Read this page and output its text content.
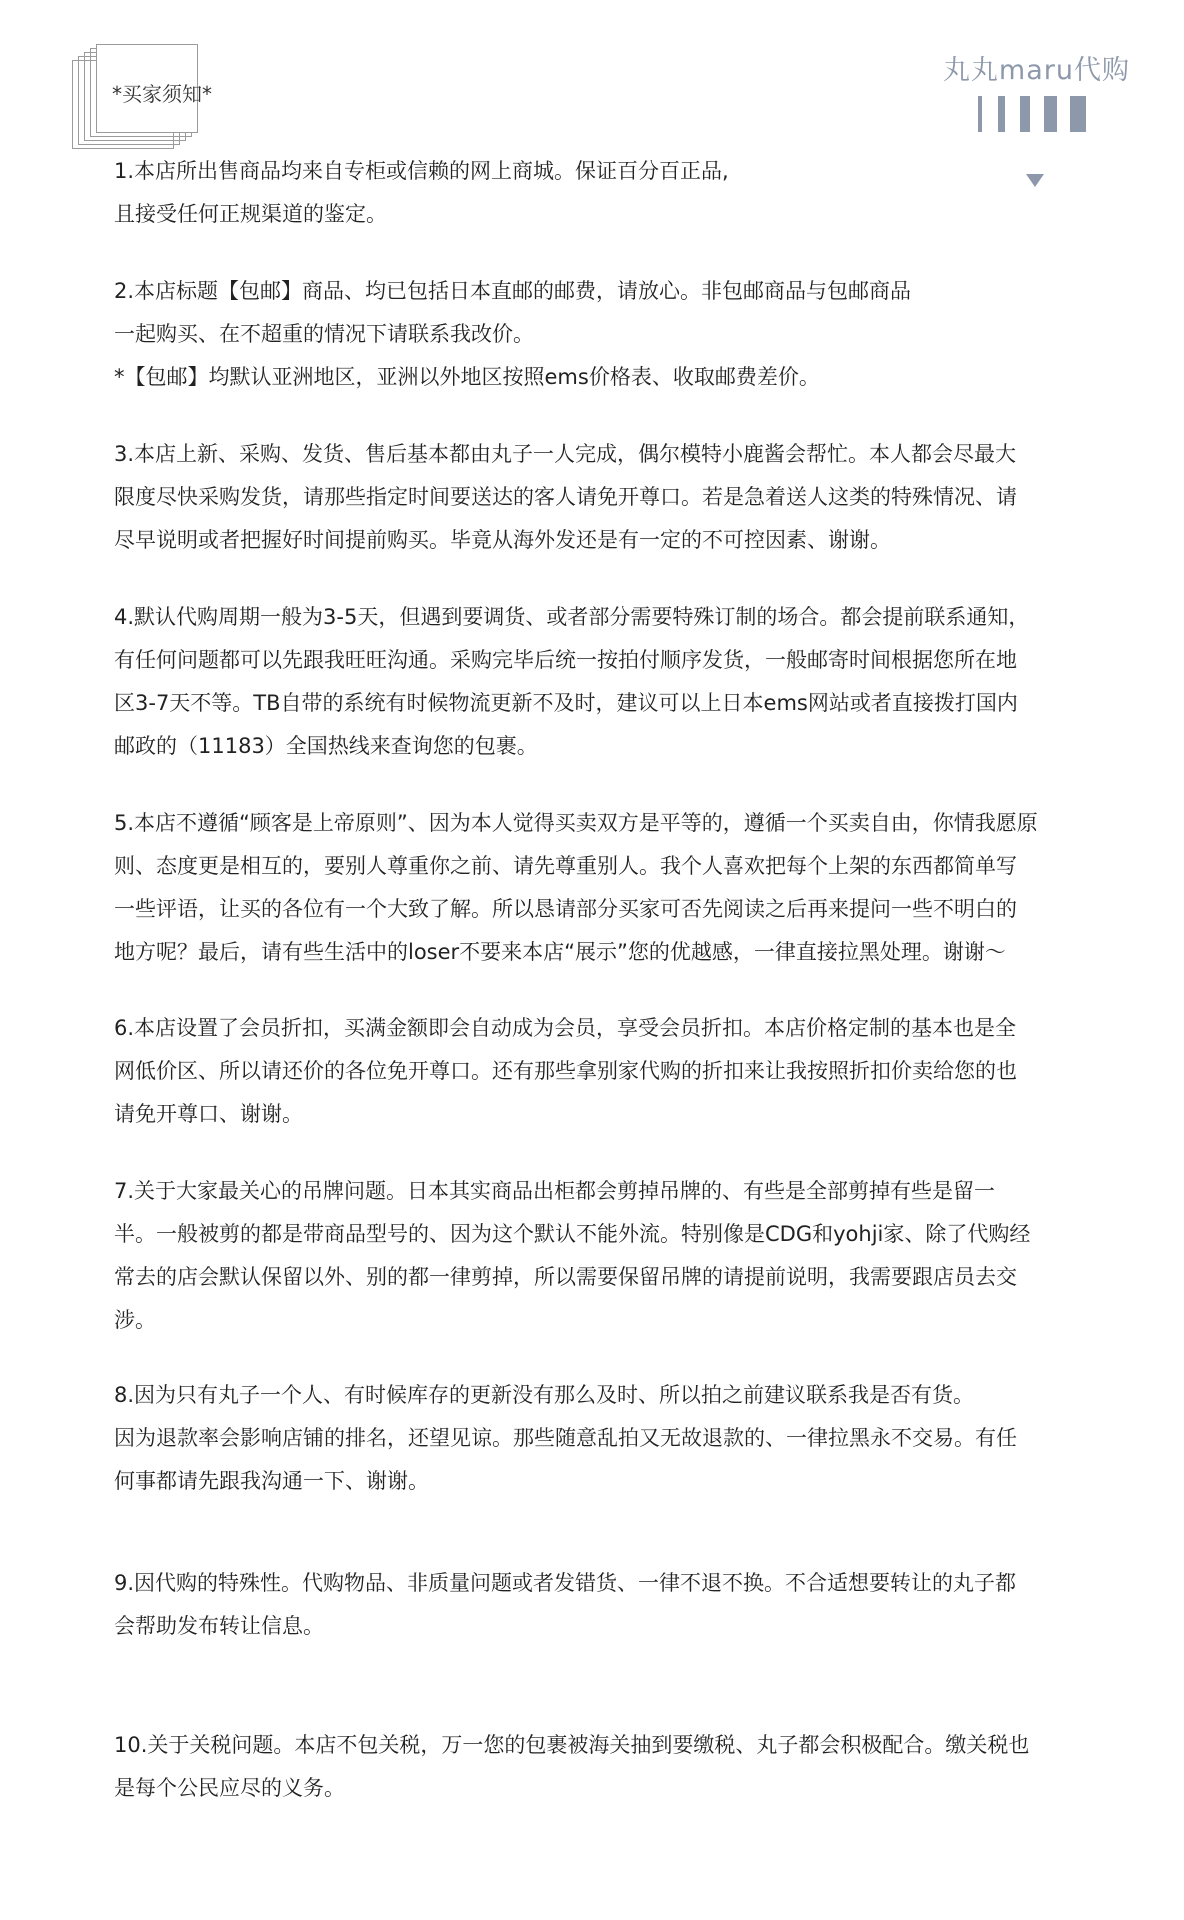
*买家须知*
丸丸maru代购

1.本店所出售商品均来自专柜或信赖的网上商城。保证百分百正品,
且接受任何正规渠道的鉴定。

2.本店标题【包邮】商品、均已包括日本直邮的邮费，请放心。非包邮商品与包邮商品
一起购买、在不超重的情况下请联系我改价。
*【包邮】均默认亚洲地区，亚洲以外地区按照ems价格表、收取邮费差价。

3.本店上新、采购、发货、售后基本都由丸子一人完成，偶尔模特小鹿酱会帮忙。本人都会尽最大
限度尽快采购发货，请那些指定时间要送达的客人请免开尊口。若是急着送人这类的特殊情况、请
尽早说明或者把握好时间提前购买。毕竟从海外发还是有一定的不可控因素、谢谢。

4.默认代购周期一般为3-5天，但遇到要调货、或者部分需要特殊订制的场合。都会提前联系通知，
有任何问题都可以先跟我旺旺沟通。采购完毕后统一按拍付顺序发货，一般邮寄时间根据您所在地
区3-7天不等。TB自带的系统有时候物流更新不及时，建议可以上日本ems网站或者直接拨打国内
邮政的（11183）全国热线来查询您的包裹。

5.本店不遵循“顾客是上帝原则”、因为本人觉得买卖双方是平等的，遵循一个买卖自由，你情我愿原
则、态度更是相互的，要别人尊重你之前、请先尊重别人。我个人喜欢把每个上架的东西都简单写
一些评语，让买的各位有一个大致了解。所以恳请部分买家可否先阅读之后再来提问一些不明白的
地方呢？最后，请有些生活中的loser不要来本店“展示”您的优越感，一律直接拉黑处理。谢谢～

6.本店设置了会员折扣，买满金额即会自动成为会员，享受会员折扣。本店价格定制的基本也是全
网低价区、所以请还价的各位免开尊口。还有那些拿别家代购的折扣来让我按照折扣价卖给您的也
请免开尊口、谢谢。

7.关于大家最关心的吊牌问题。日本其实商品出柜都会剪掉吊牌的、有些是全部剪掉有些是留一
半。一般被剪的都是带商品型号的、因为这个默认不能外流。特别像是CDG和yohji家、除了代购经
常去的店会默认保留以外、别的都一律剪掉，所以需要保留吊牌的请提前说明，我需要跟店员去交
涉。

8.因为只有丸子一个人、有时候库存的更新没有那么及时、所以拍之前建议联系我是否有货。
因为退款率会影响店铺的排名，还望见谅。那些随意乱拍又无故退款的、一律拉黑永不交易。有任
何事都请先跟我沟通一下、谢谢。

9.因代购的特殊性。代购物品、非质量问题或者发错货、一律不退不换。不合适想要转让的丸子都
会帮助发布转让信息。

10.关于关税问题。本店不包关税，万一您的包裹被海关抽到要缴税、丸子都会积极配合。缴关税也
是每个公民应尽的义务。
